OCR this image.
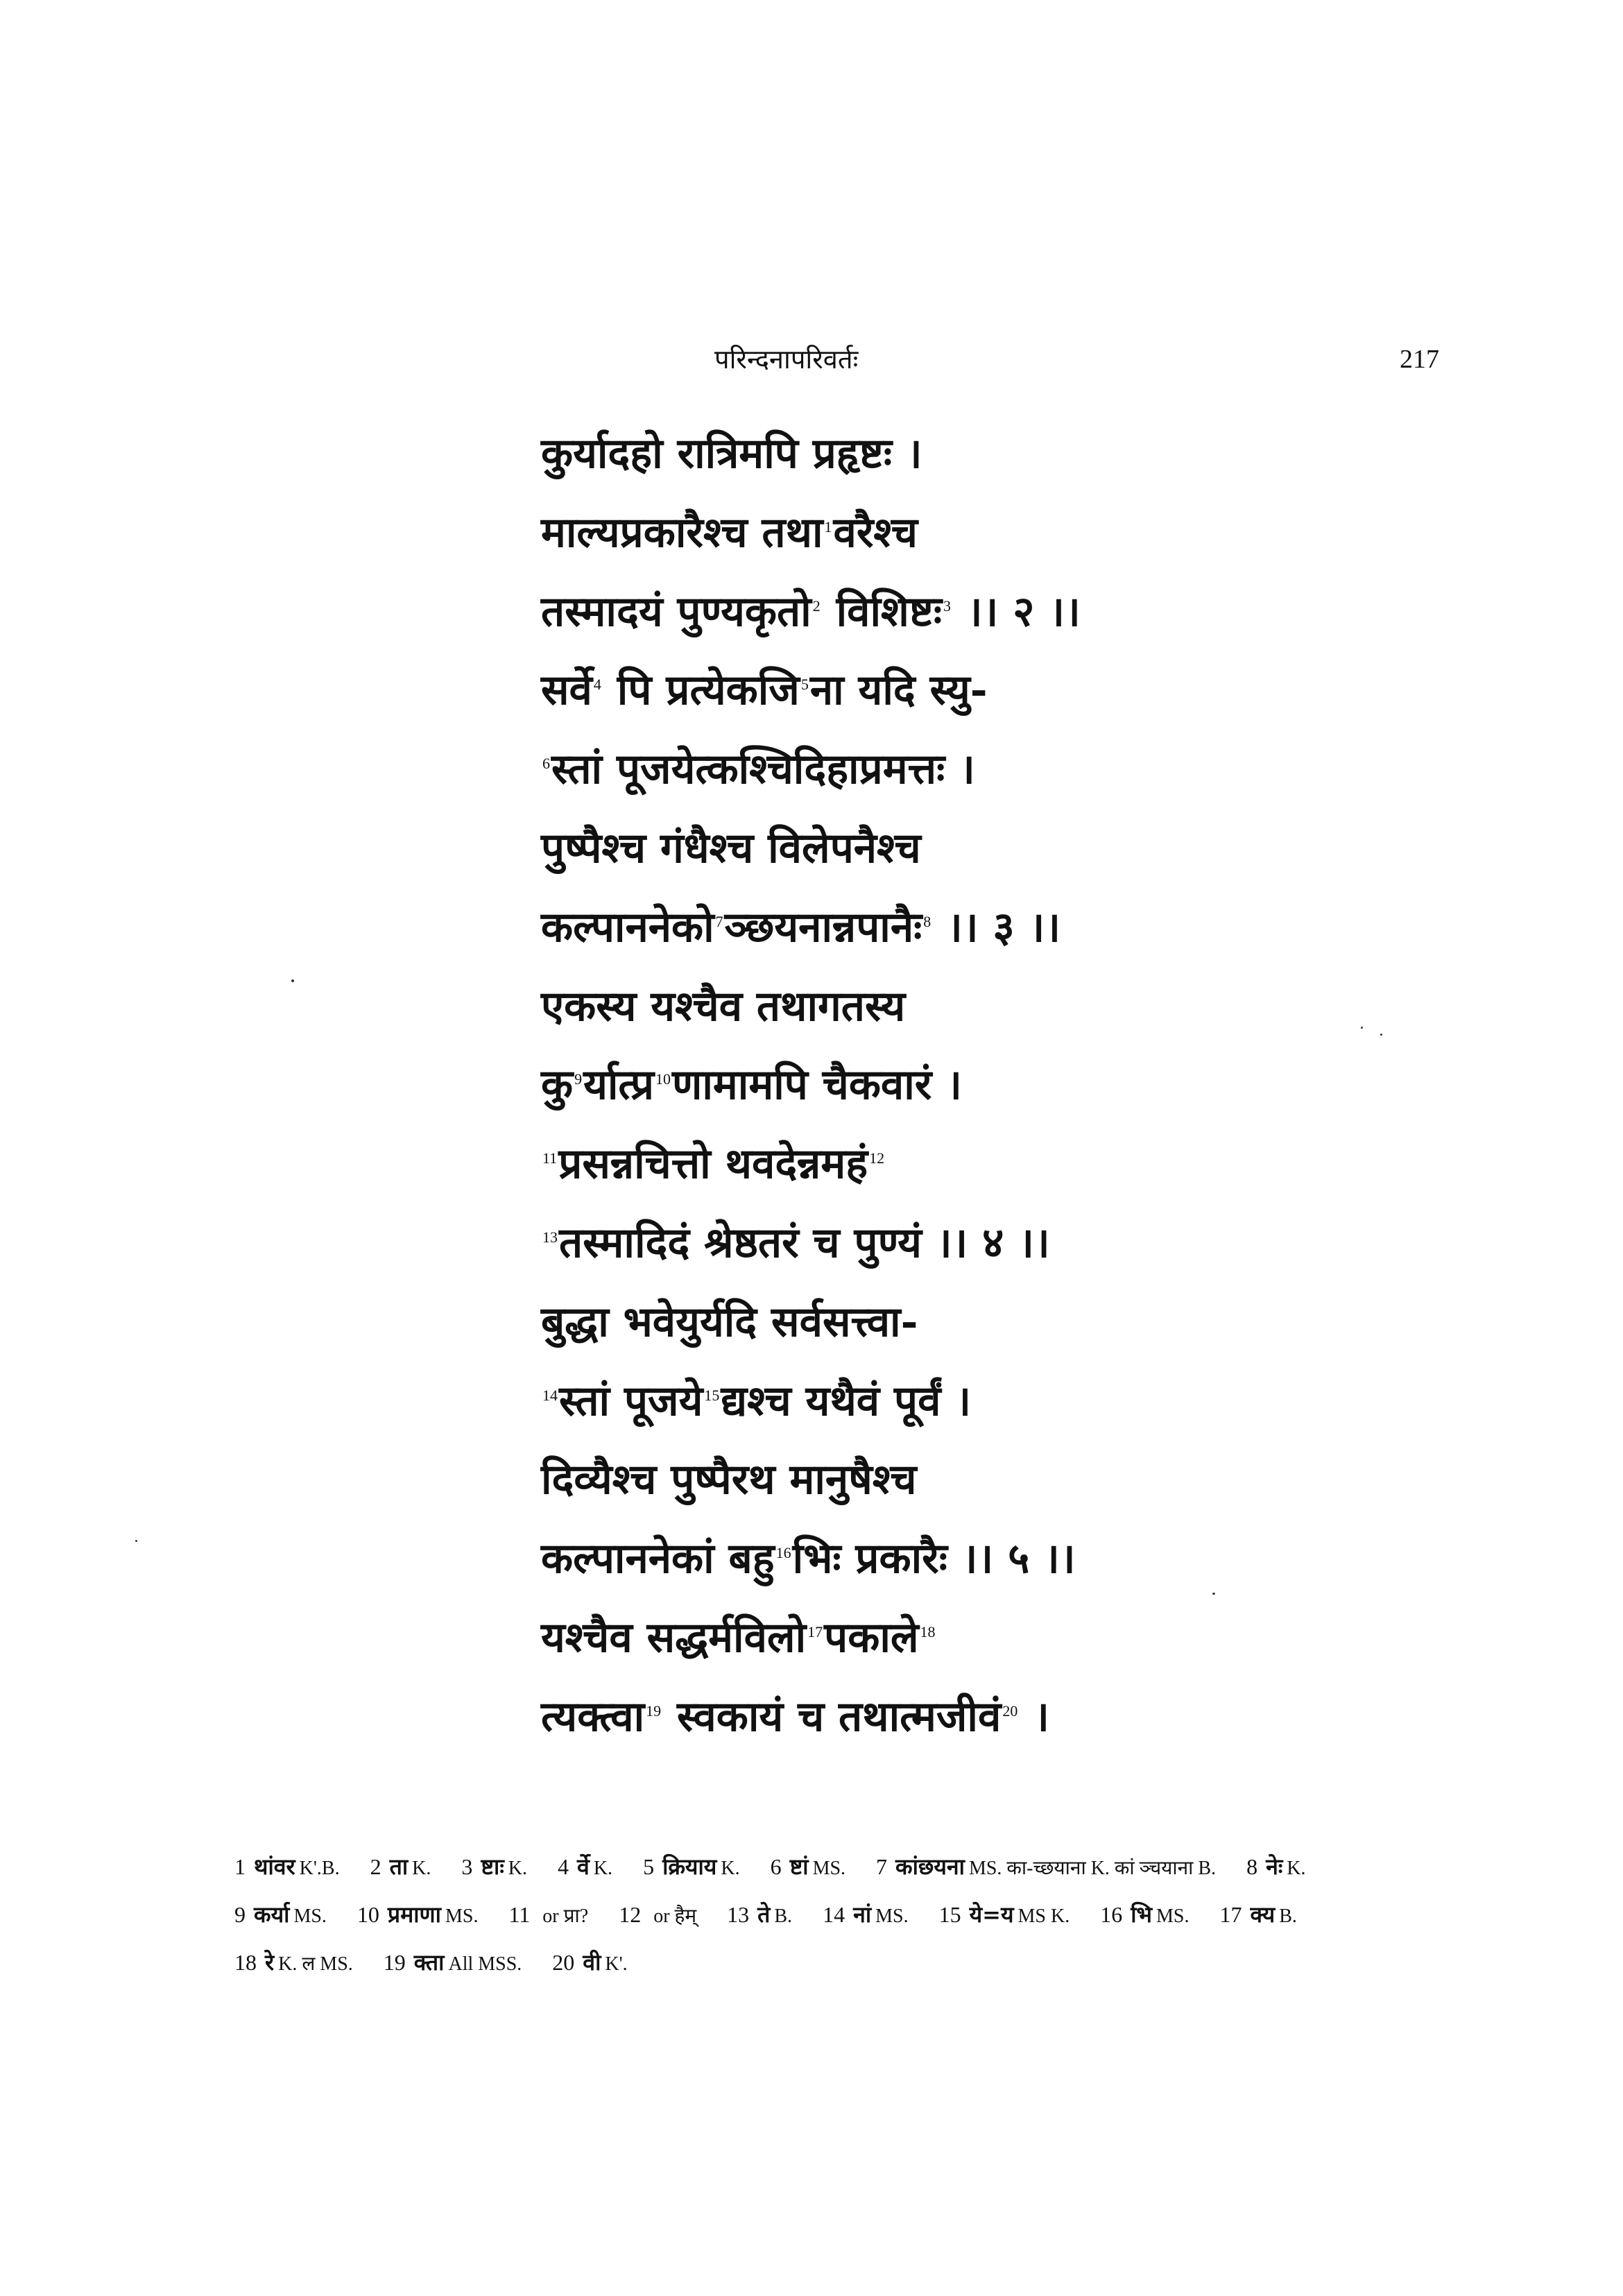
परिन्दनापरिवर्तः	217
कुर्यादहो रात्रिमपि प्रहृष्टः ।
माल्यप्रकारैश्च तथा$^1$वरैश्च
तस्मादयं पुण्यकृतो$^2$ विशिष्टः$^3$ ।। २ ।।
सर्वे$^4$ पि प्रत्येकजि$^5$ना यदि स्यु-
$^6$स्तां पूजयेत्कश्चिदिहाप्रमत्तः ।
पुष्पैश्च गंधैश्च विलेपनैश्च
कल्पाननेको$^7$ञ्छयनान्नपानैः$^8$ ।। ३ ।।
एकस्य यश्चैव तथागतस्य
कु$^9$र्यात्प्र$^{10}$णामामपि चैकवारं ।
$^{11}$प्रसन्नचित्तो थवदेन्नमहं$^{12}$
$^{13}$तस्मादिदं श्रेष्ठतरं च पुण्यं ।। ४ ।।
बुद्धा भवेयुर्यदि सर्वसत्त्वा-
$^{14}$स्तां पूजये$^{15}$द्यश्च यथैवं पूर्वं ।
दिव्यैश्च पुष्पैरथ मानुषैश्च
कल्पाननेकां बहु$^{16}$भिः प्रकारैः ।। ५ ।।
यश्चैव सद्धर्मविलो$^{17}$पकाले$^{18}$
त्यक्त्वा$^{19}$ स्वकायं च तथात्मजीवं$^{20}$ ।
1 थांवर K'.B. 2 ता K. 3 ष्टाः K. 4 र्वे K. 5 क्रियाय K. 6 ष्टां MS. 7 कांछयना MS. का-च्छयाना K. कां ञ्चयाना B. 8 नेः K.9 कर्या MS. 10 प्रमाणा MS. 11 or प्रा? 12 or हैम् 13 ते B. 14 नां MS. 15 ये=य MS K. 16 भि MS. 17 क्य B.18 रे K. ल MS. 19 क्ता All MSS. 20 वी K'.
